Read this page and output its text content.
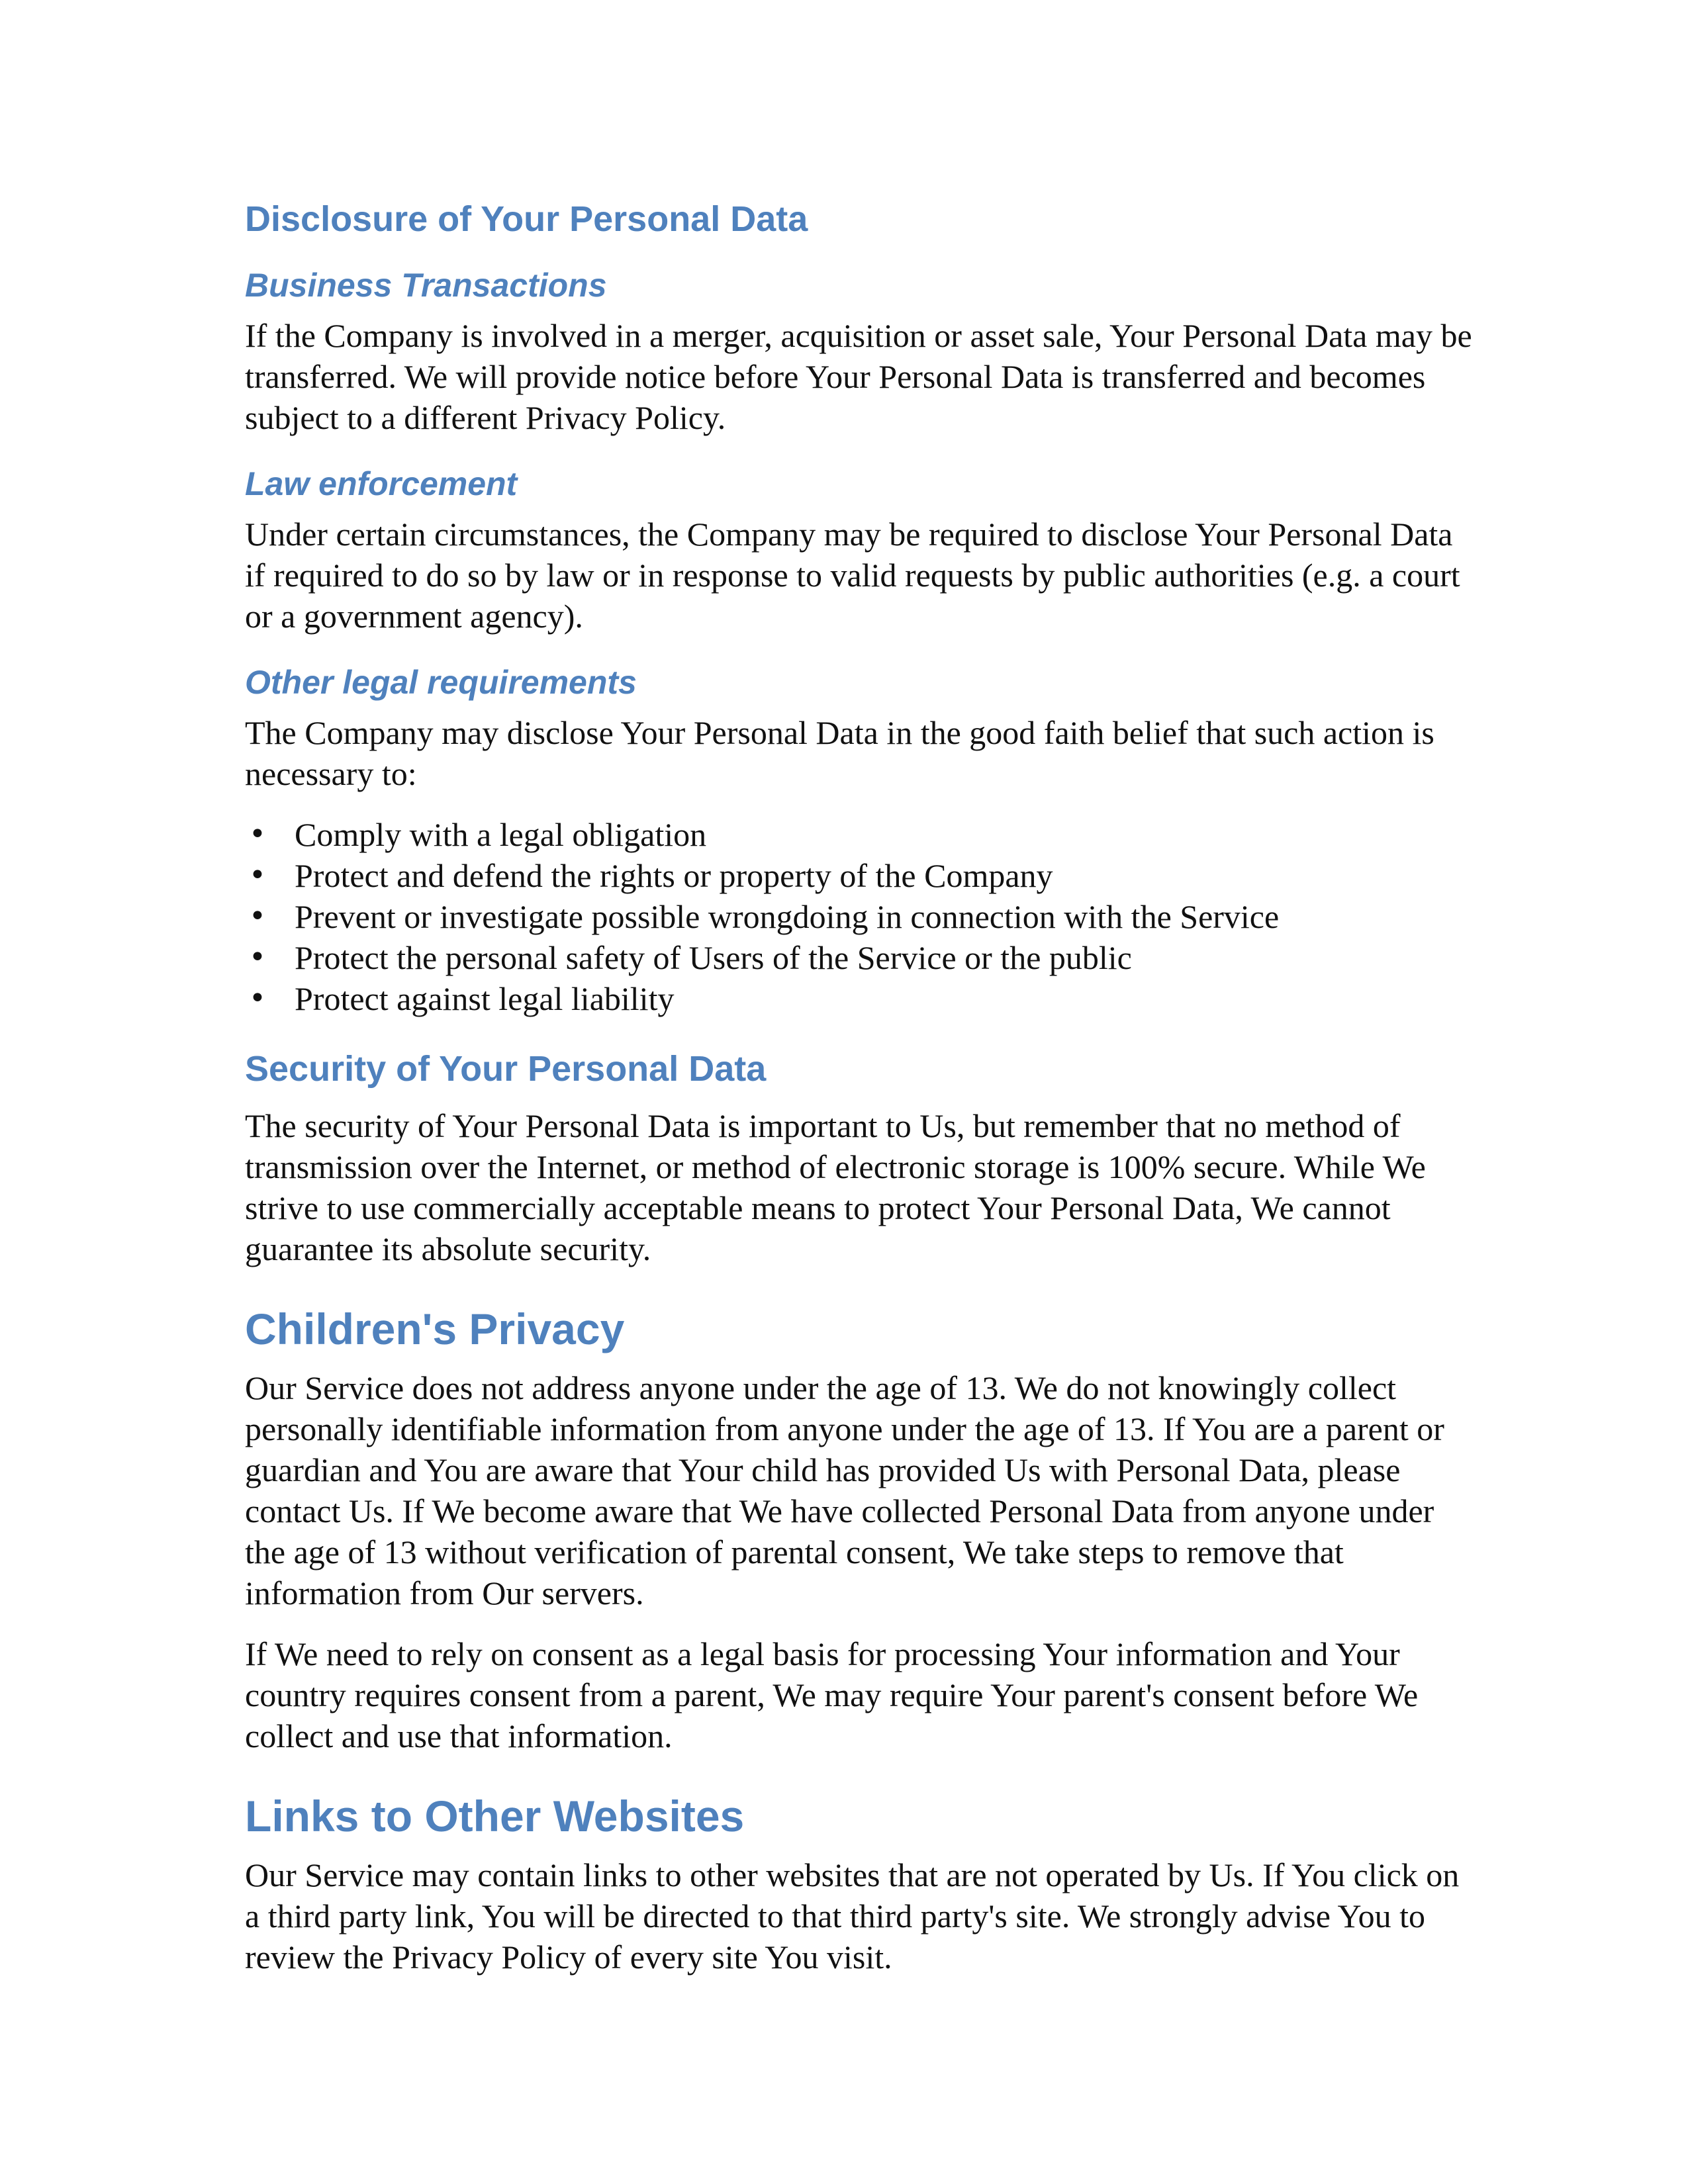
Disclosure of Your Personal Data
Business Transactions

If the Company is involved in a merger, acquisition or asset sale, Your Personal Data may be transferred. We will provide notice before Your Personal Data is transferred and becomes subject to a different Privacy Policy.

Law enforcement

Under certain circumstances, the Company may be required to disclose Your Personal Data if required to do so by law or in response to valid requests by public authorities (e.g. a court or a government agency).

Other legal requirements

The Company may disclose Your Personal Data in the good faith belief that such action is necessary to:

• Comply with a legal obligation
• Protect and defend the rights or property of the Company
• Prevent or investigate possible wrongdoing in connection with the Service
• Protect the personal safety of Users of the Service or the public
• Protect against legal liability
Security of Your Personal Data

The security of Your Personal Data is important to Us, but remember that no method of transmission over the Internet, or method of electronic storage is 100% secure. While We strive to use commercially acceptable means to protect Your Personal Data, We cannot guarantee its absolute security.

Children's Privacy

Our Service does not address anyone under the age of 13. We do not knowingly collect personally identifiable information from anyone under the age of 13. If You are a parent or guardian and You are aware that Your child has provided Us with Personal Data, please contact Us. If We become aware that We have collected Personal Data from anyone under the age of 13 without verification of parental consent, We take steps to remove that information from Our servers.

If We need to rely on consent as a legal basis for processing Your information and Your country requires consent from a parent, We may require Your parent's consent before We collect and use that information.

Links to Other Websites

Our Service may contain links to other websites that are not operated by Us. If You click on a third party link, You will be directed to that third party's site. We strongly advise You to review the Privacy Policy of every site You visit.
